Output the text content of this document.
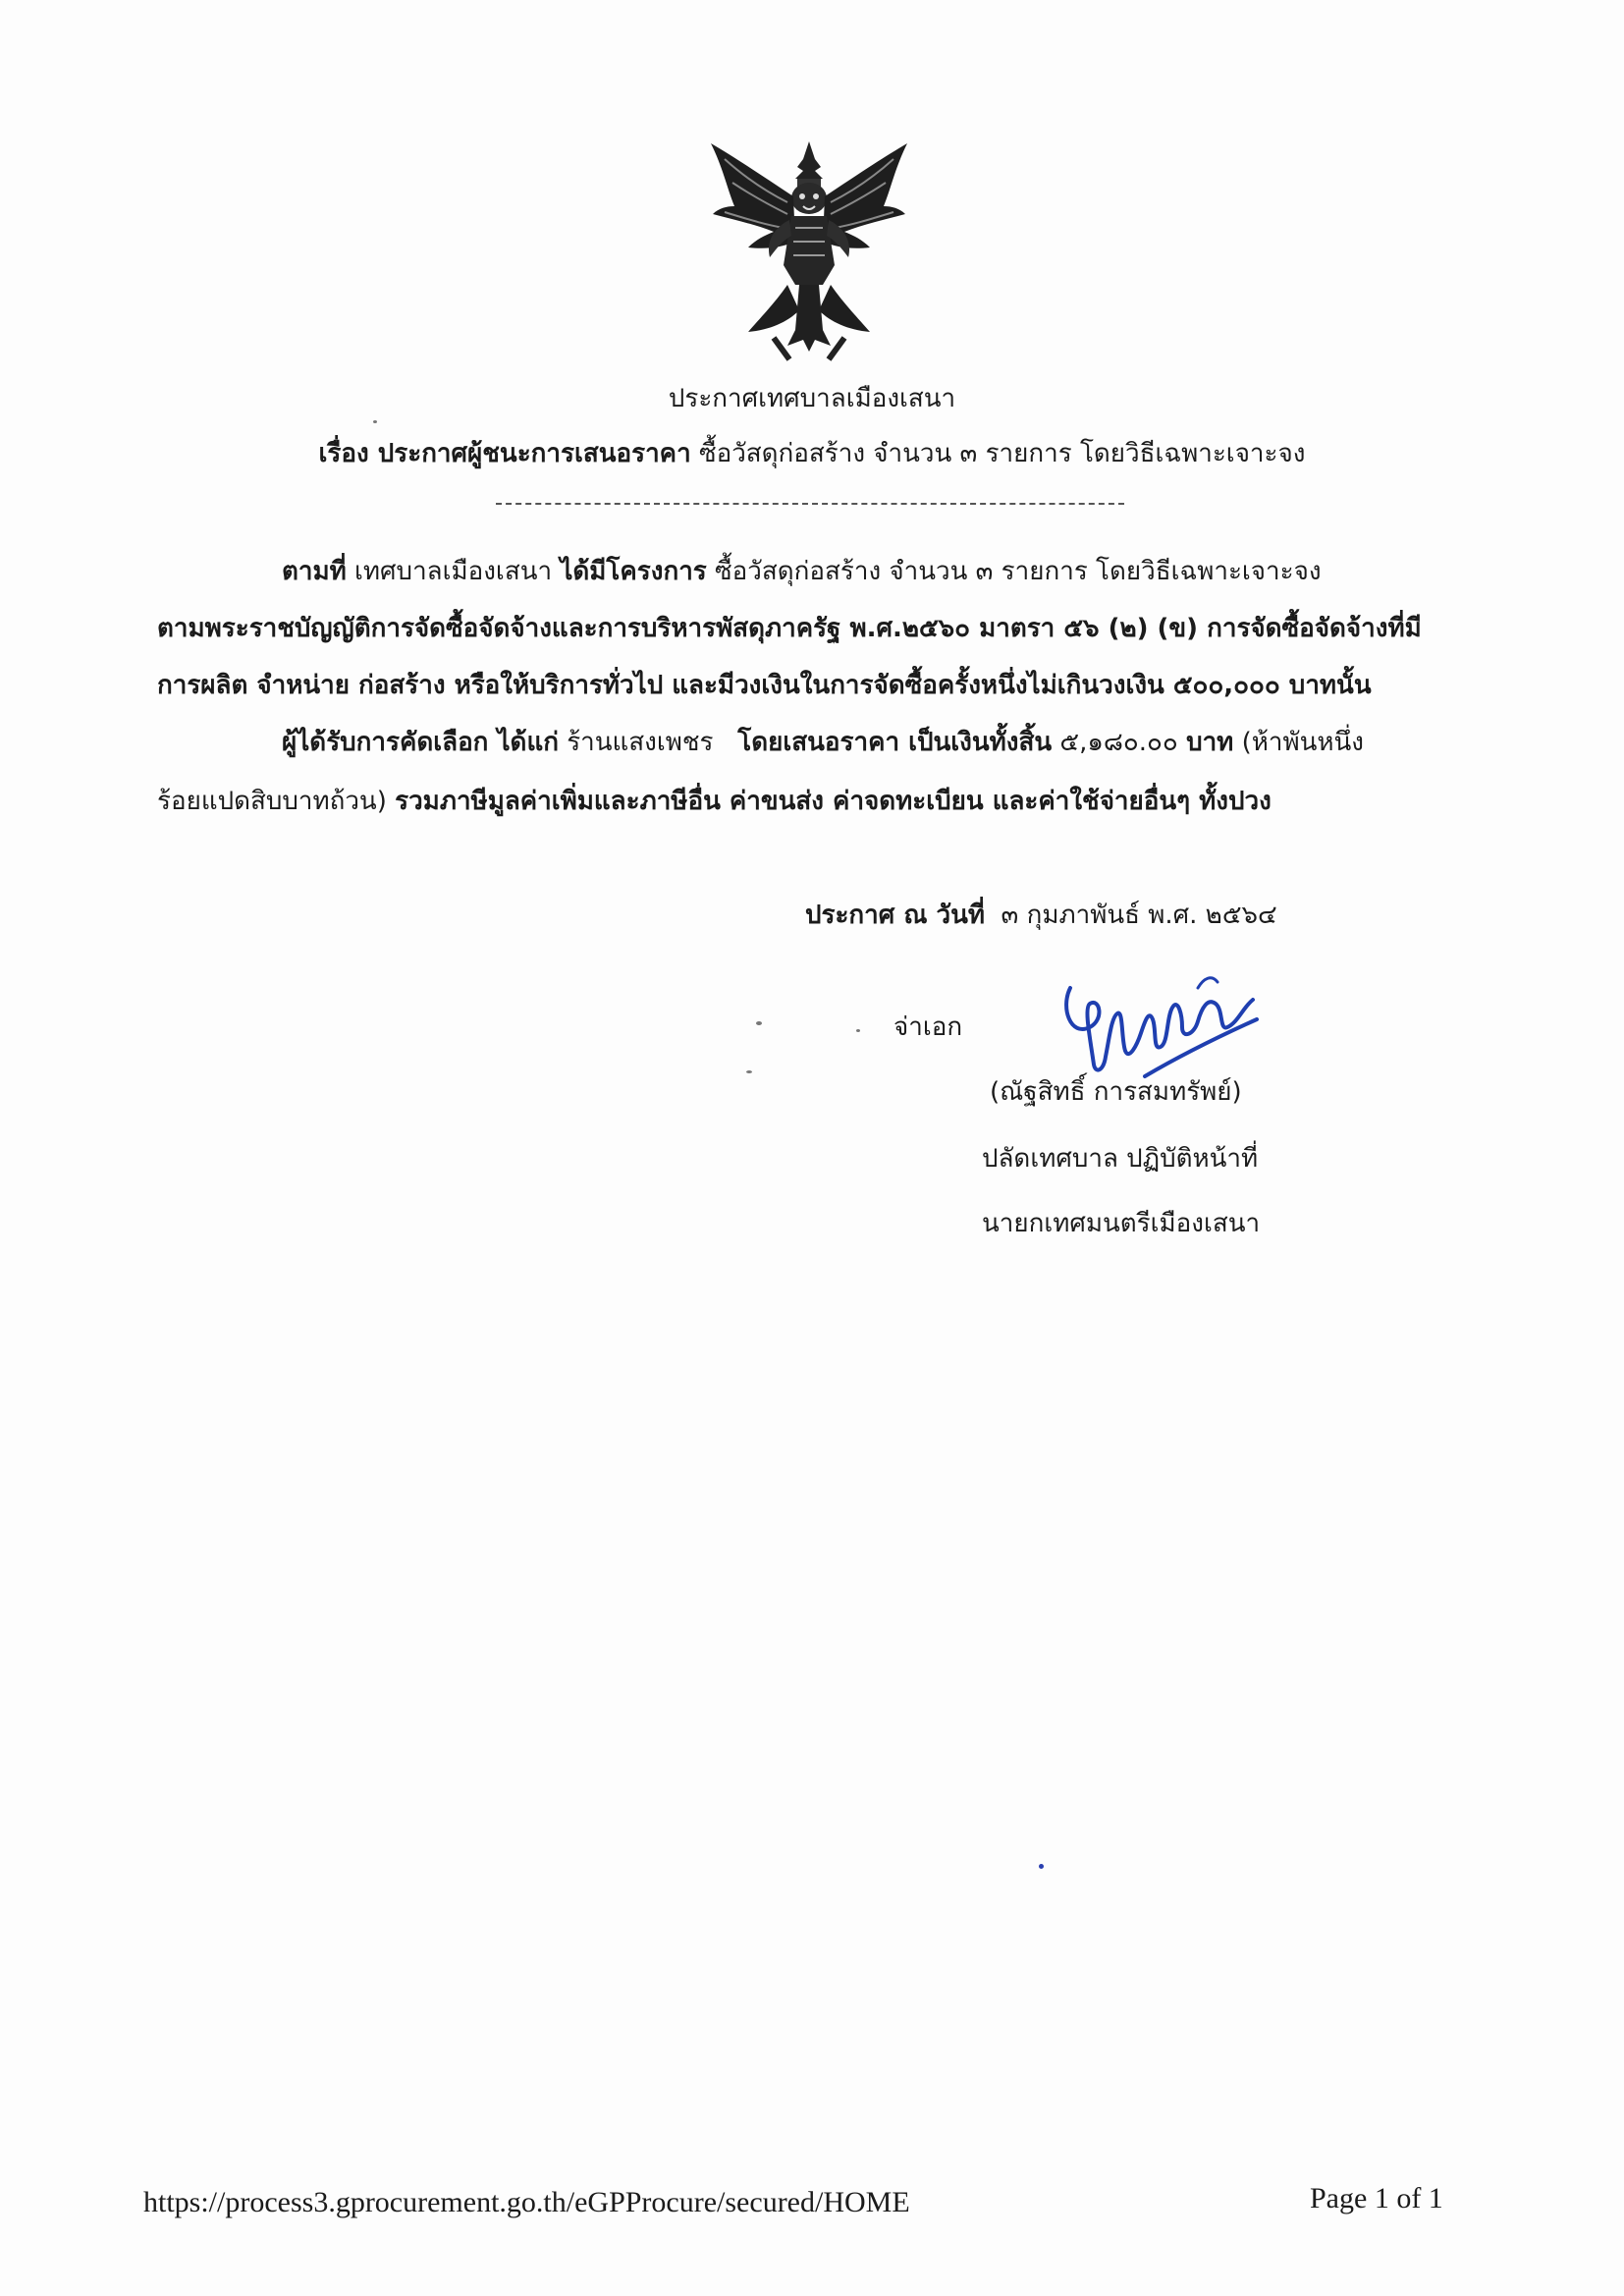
ประกาศเทศบาลเมืองเสนา
เรื่อง ประกาศผู้ชนะการเสนอราคา ซื้อวัสดุก่อสร้าง จำนวน ๓ รายการ โดยวิธีเฉพาะเจาะจง
ตามที่ เทศบาลเมืองเสนา ได้มีโครงการ ซื้อวัสดุก่อสร้าง จำนวน ๓ รายการ โดยวิธีเฉพาะเจาะจง
ตามพระราชบัญญัติการจัดซื้อจัดจ้างและการบริหารพัสดุภาครัฐ พ.ศ.๒๕๖๐ มาตรา ๕๖ (๒) (ข) การจัดซื้อจัดจ้างที่มี
การผลิต จำหน่าย ก่อสร้าง หรือให้บริการทั่วไป และมีวงเงินในการจัดซื้อครั้งหนึ่งไม่เกินวงเงิน ๕๐๐,๐๐๐ บาทนั้น
ผู้ได้รับการคัดเลือก ได้แก่ ร้านแสงเพชร โดยเสนอราคา เป็นเงินทั้งสิ้น ๕,๑๘๐.๐๐ บาท (ห้าพันหนึ่ง
ร้อยแปดสิบบาทถ้วน) รวมภาษีมูลค่าเพิ่มและภาษีอื่น ค่าขนส่ง ค่าจดทะเบียน และค่าใช้จ่ายอื่นๆ ทั้งปวง
ประกาศ ณ วันที่ ๓ กุมภาพันธ์ พ.ศ. ๒๕๖๔
จ่าเอก
(ณัฐสิทธิ์ การสมทรัพย์)
ปลัดเทศบาล ปฏิบัติหน้าที่
นายกเทศมนตรีเมืองเสนา
https://process3.gprocurement.go.th/eGPProcure/secured/HOME	Page 1 of 1
